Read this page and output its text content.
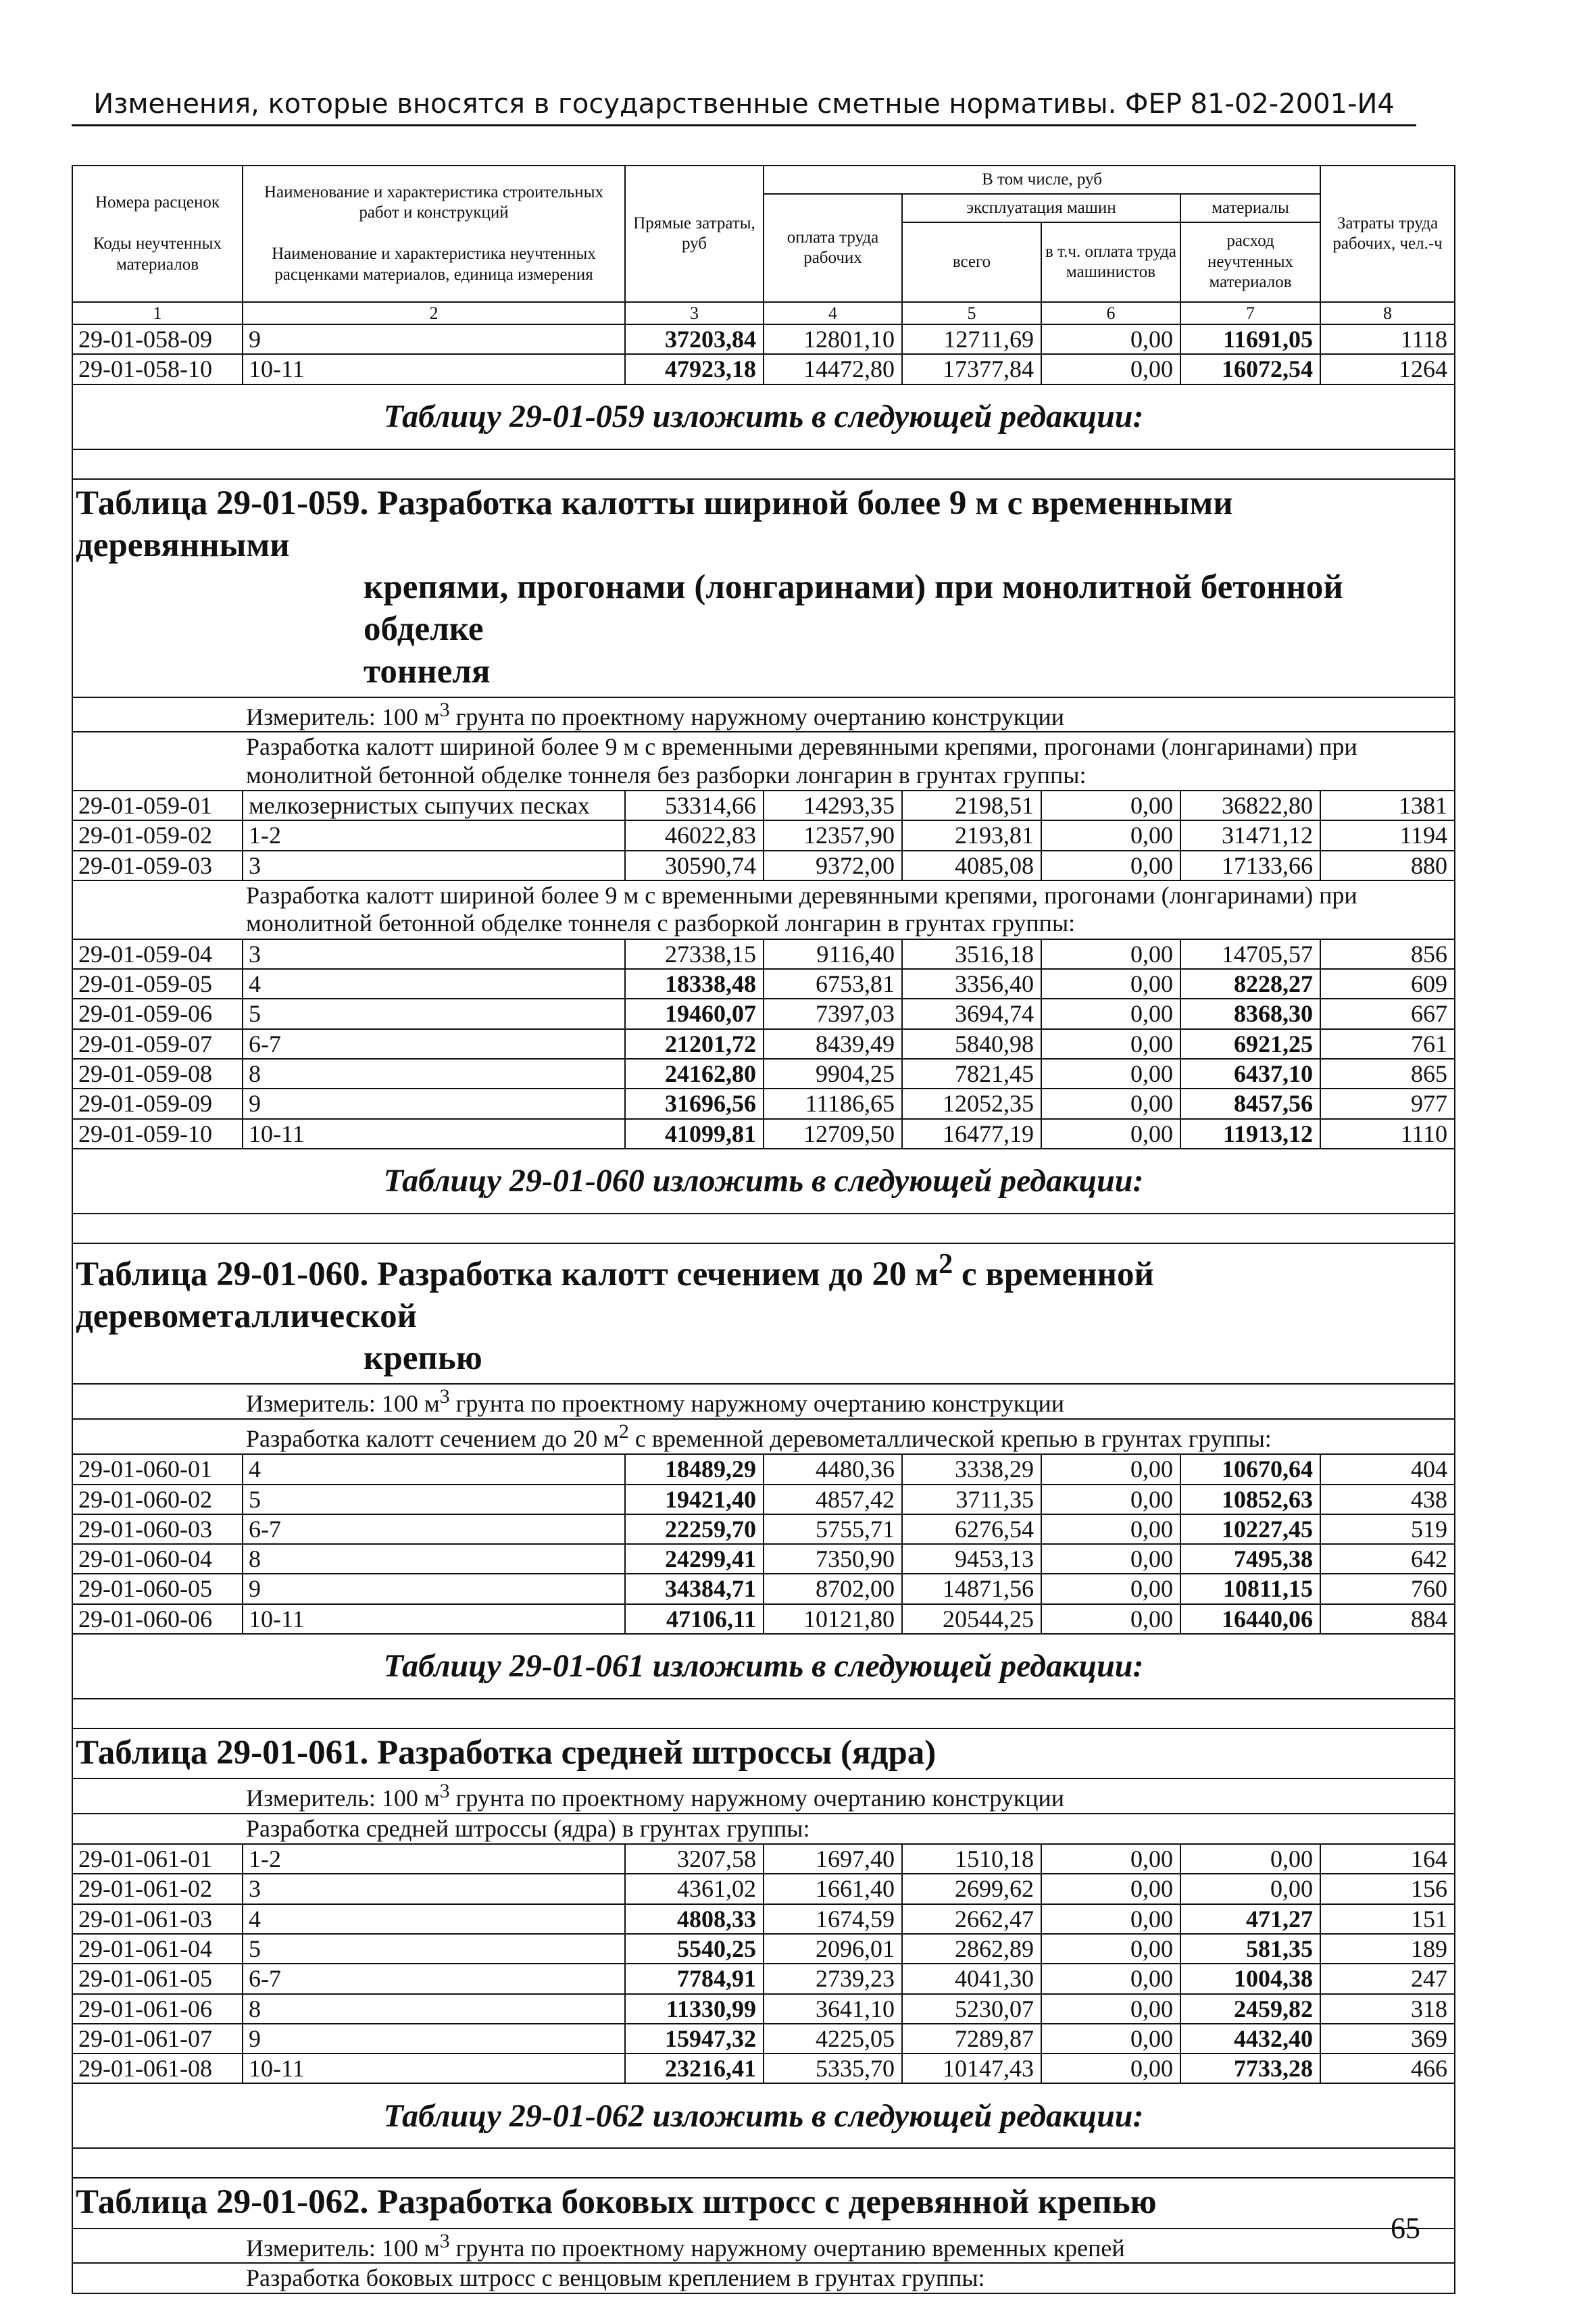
Изменения, которые вносятся в государственные сметные нормативы. ФЕР 81-02-2001-И4
Номера расценок

Коды неучтенных материалов	Наименование и характеристика строительных работ и конструкций

Наименование и характеристика неучтенных расценками материалов, единица измерения	Прямые затраты, руб	В том числе, руб				Затраты труда рабочих, чел.-ч
			оплата труда рабочих	эксплуатация машин		материалы	
				всего	в т.ч. оплата труда машинистов	расход неучтенных материалов	
1	2	3	4	5	6	7	8
29-01-058-09	9	37203,84	12801,10	12711,69	0,00	11691,05	1118
29-01-058-10	10-11	47923,18	14472,80	17377,84	0,00	16072,54	1264
Таблицу 29-01-059 изложить в следующей редакции:							

Таблица 29-01-059. Разработка калотты шириной более 9 м с временными деревянными
крепями, прогонами (лонгаринами) при монолитной бетонной обделке
тоннеля							

Измеритель: 100 $м^3$ грунта по проектному наружному очертанию конструкции							
Разработка калотт шириной более 9 м с временными деревянными крепями, прогонами (лонгаринами) при монолитной бетонной обделке тоннеля без разборки лонгарин в грунтах группы:							
29-01-059-01	мелкозернистых сыпучих песках	53314,66	14293,35	2198,51	0,00	36822,80	1381
29-01-059-02	1-2	46022,83	12357,90	2193,81	0,00	31471,12	1194
29-01-059-03	3	30590,74	9372,00	4085,08	0,00	17133,66	880
Разработка калотт шириной более 9 м с временными деревянными крепями, прогонами (лонгаринами) при монолитной бетонной обделке тоннеля с разборкой лонгарин в грунтах группы:							
29-01-059-04	3	27338,15	9116,40	3516,18	0,00	14705,57	856
29-01-059-05	4	18338,48	6753,81	3356,40	0,00	8228,27	609
29-01-059-06	5	19460,07	7397,03	3694,74	0,00	8368,30	667
29-01-059-07	6-7	21201,72	8439,49	5840,98	0,00	6921,25	761
29-01-059-08	8	24162,80	9904,25	7821,45	0,00	6437,10	865
29-01-059-09	9	31696,56	11186,65	12052,35	0,00	8457,56	977
29-01-059-10	10-11	41099,81	12709,50	16477,19	0,00	11913,12	1110
Таблицу 29-01-060 изложить в следующей редакции:							

Таблица 29-01-060. Разработка калотт сечением до 20 $м^2$ с временной деревометаллической
крепью							

Измеритель: 100 $м^3$ грунта по проектному наружному очертанию конструкции							
Разработка калотт сечением до 20 $м^2$ с временной деревометаллической крепью в грунтах группы:							
29-01-060-01	4	18489,29	4480,36	3338,29	0,00	10670,64	404
29-01-060-02	5	19421,40	4857,42	3711,35	0,00	10852,63	438
29-01-060-03	6-7	22259,70	5755,71	6276,54	0,00	10227,45	519
29-01-060-04	8	24299,41	7350,90	9453,13	0,00	7495,38	642
29-01-060-05	9	34384,71	8702,00	14871,56	0,00	10811,15	760
29-01-060-06	10-11	47106,11	10121,80	20544,25	0,00	16440,06	884
Таблицу 29-01-061 изложить в следующей редакции:							

Таблица 29-01-061. Разработка средней штроссы (ядра)							
Измеритель: 100 $м^3$ грунта по проектному наружному очертанию конструкции							
Разработка средней штроссы (ядра) в грунтах группы:							
29-01-061-01	1-2	3207,58	1697,40	1510,18	0,00	0,00	164
29-01-061-02	3	4361,02	1661,40	2699,62	0,00	0,00	156
29-01-061-03	4	4808,33	1674,59	2662,47	0,00	471,27	151
29-01-061-04	5	5540,25	2096,01	2862,89	0,00	581,35	189
29-01-061-05	6-7	7784,91	2739,23	4041,30	0,00	1004,38	247
29-01-061-06	8	11330,99	3641,10	5230,07	0,00	2459,82	318
29-01-061-07	9	15947,32	4225,05	7289,87	0,00	4432,40	369
29-01-061-08	10-11	23216,41	5335,70	10147,43	0,00	7733,28	466
Таблицу 29-01-062 изложить в следующей редакции:							

Таблица 29-01-062. Разработка боковых штросс с деревянной крепью							
Измеритель: 100 $м^3$ грунта по проектному наружному очертанию временных крепей							
Разработка боковых штросс с венцовым креплением в грунтах группы:							
65
